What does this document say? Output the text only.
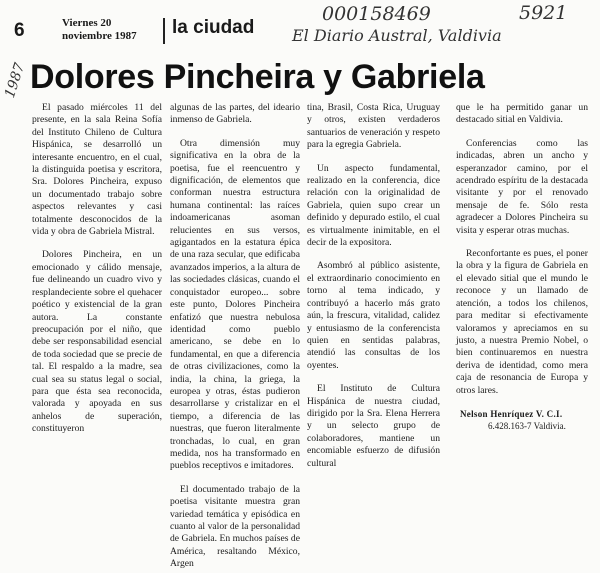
6	Viernes 20
noviembre 1987 la ciudad
000158469	5921
El Diario Austral, Valdivia
1987 Dolores Pincheira y Gabriela

El pasado miércoles 11 del presente, en la sala Reina Sofía del Instituto Chileno de Cultura Hispánica, se desarrolló un interesante encuentro, en el cual, la distinguida poetisa y escritora, Sra. Dolores Pincheira, expuso un documentado trabajo sobre aspectos relevantes y casi totalmente desconocidos de la vida y obra de Gabriela Mistral.

Dolores Pincheira, en un emocionado y cálido mensaje, fue delineando un cuadro vivo y resplandeciente sobre el quehacer poético y existencial de la gran autora. La constante preocupación por el niño, que debe ser responsabilidad esencial de toda sociedad que se precie de tal. El respaldo a la madre, sea cual sea su status legal o social, para que ésta sea reconocida, valorada y apoyada en sus anhelos de superación, constituyeron

algunas de las partes, del ideario inmenso de Gabriela.

Otra dimensión muy significativa en la obra de la poetisa, fue el reencuentro y dignificación, de elementos que conforman nuestra estructura humana continental: las raíces indoamericanas asoman relucientes en sus versos, agigantados en la estatura épica de una raza secular, que edificaba avanzados imperios, a la altura de las sociedades clásicas, cuando el conquistador europeo... sobre este punto, Dolores Pincheira enfatizó que nuestra nebulosa identidad como pueblo americano, se debe en lo fundamental, en que a diferencia de otras civilizaciones, como la india, la china, la griega, la europea y otras, éstas pudieron desarrollarse y cristalizar en el tiempo, a diferencia de las nuestras, que fueron literalmente tronchadas, lo cual, en gran medida, nos ha transformado en pueblos receptivos e imitadores.

El documentado trabajo de la poetisa visitante muestra gran variedad temática y episódica en cuanto al valor de la personalidad de Gabriela. En muchos países de América, resaltando México, Argen

tina, Brasil, Costa Rica, Uruguay y otros, existen verdaderos santuarios de veneración y respeto para la egregia Gabriela.

Un aspecto fundamental, realizado en la conferencia, dice relación con la originalidad de Gabriela, quien supo crear un definido y depurado estilo, el cual es virtualmente inimitable, en el decir de la expositora.

Asombró al público asistente, el extraordinario conocimiento en torno al tema indicado, y contribuyó a hacerlo más grato aún, la frescura, vitalidad, calidez y entusiasmo de la conferencista quien en sentidas palabras, atendió las consultas de los oyentes.

El Instituto de Cultura Hispánica de nuestra ciudad, dirigido por la Sra. Elena Herrera y un selecto grupo de colaboradores, mantiene un encomiable esfuerzo de difusión cultural

que le ha permitido ganar un destacado sitial en Valdivia.

Conferencias como las indicadas, abren un ancho y esperanzador camino, por el acendrado espíritu de la destacada visitante y por el renovado mensaje de fe. Sólo resta agradecer a Dolores Pincheira su visita y esperar otras muchas.

Reconfortante es pues, el poner la obra y la figura de Gabriela en el elevado sitial que el mundo le reconoce y un llamado de atención, a todos los chilenos, para meditar si efectivamente valoramos y apreciamos en su justo, a nuestra Premio Nobel, o bien continuaremos en nuestra deriva de identidad, como mera caja de resonancia de Europa y otros lares.

Nelson Henríquez V. C.I.
6.428.163-7 Valdivia.
